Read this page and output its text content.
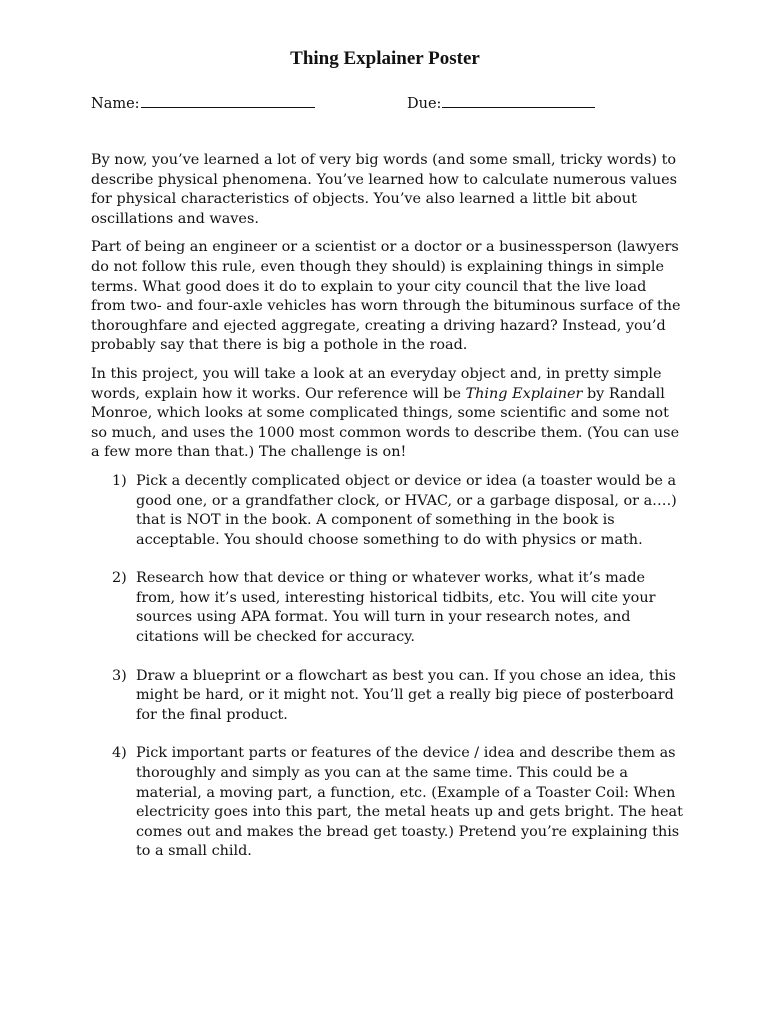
Thing Explainer Poster
Name:	Due:

By now, you’ve learned a lot of very big words (and some small, tricky words) to describe physical phenomena. You’ve learned how to calculate numerous values for physical characteristics of objects. You’ve also learned a little bit about oscillations and waves.

Part of being an engineer or a scientist or a doctor or a businessperson (lawyers do not follow this rule, even though they should) is explaining things in simple terms. What good does it do to explain to your city council that the live load from two- and four-axle vehicles has worn through the bituminous surface of the thoroughfare and ejected aggregate, creating a driving hazard? Instead, you’d probably say that there is big a pothole in the road.

In this project, you will take a look at an everyday object and, in pretty simple words, explain how it works. Our reference will be Thing Explainer by Randall Monroe, which looks at some complicated things, some scientific and some not so much, and uses the 1000 most common words to describe them. (You can use a few more than that.) The challenge is on!

1) Pick a decently complicated object or device or idea (a toaster would be a good one, or a grandfather clock, or HVAC, or a garbage disposal, or a….) that is NOT in the book. A component of something in the book is acceptable. You should choose something to do with physics or math.
2) Research how that device or thing or whatever works, what it’s made from, how it’s used, interesting historical tidbits, etc. You will cite your sources using APA format. You will turn in your research notes, and citations will be checked for accuracy.
3) Draw a blueprint or a flowchart as best you can. If you chose an idea, this might be hard, or it might not. You’ll get a really big piece of posterboard for the final product.
4) Pick important parts or features of the device / idea and describe them as thoroughly and simply as you can at the same time. This could be a material, a moving part, a function, etc. (Example of a Toaster Coil: When electricity goes into this part, the metal heats up and gets bright. The heat comes out and makes the bread get toasty.) Pretend you’re explaining this to a small child.
